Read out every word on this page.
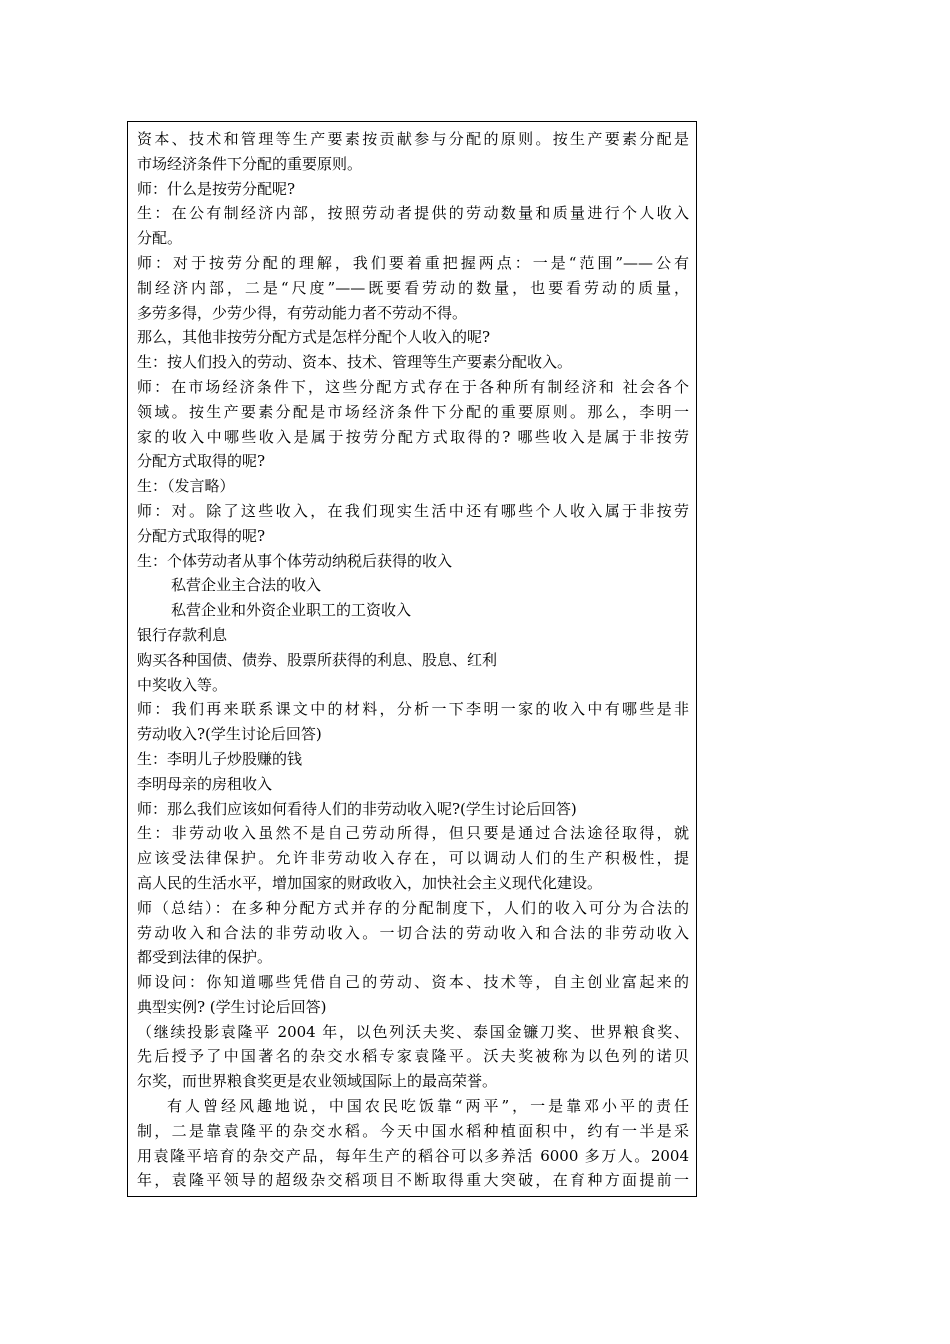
资本、技术和管理等生产要素按贡献参与分配的原则。按生产要素分配是
市场经济条件下分配的重要原则。
师：什么是按劳分配呢?
生：在公有制经济内部，按照劳动者提供的劳动数量和质量进行个人收入
分配。
师：对于按劳分配的理解，我们要着重把握两点：一是“范围”——公有
制经济内部，二是“尺度”——既要看劳动的数量，也要看劳动的质量，
多劳多得，少劳少得，有劳动能力者不劳动不得。
那么，其他非按劳分配方式是怎样分配个人收入的呢?
生：按人们投入的劳动、资本、技术、管理等生产要素分配收入。
师：在市场经济条件下，这些分配方式存在于各种所有制经济和 社会各个
领域。按生产要素分配是市场经济条件下分配的重要原则。那么，李明一
家的收入中哪些收入是属于按劳分配方式取得的? 哪些收入是属于非按劳
分配方式取得的呢?
生：（发言略）
师：对。除了这些收入，在我们现实生活中还有哪些个人收入属于非按劳
分配方式取得的呢?
生：个体劳动者从事个体劳动纳税后获得的收入
私营企业主合法的收入
私营企业和外资企业职工的工资收入
银行存款利息
购买各种国债、债券、股票所获得的利息、股息、红利
中奖收入等。
师：我们再来联系课文中的材料，分析一下李明一家的收入中有哪些是非
劳动收入?(学生讨论后回答)
生：李明儿子炒股赚的钱
李明母亲的房租收入
师：那么我们应该如何看待人们的非劳动收入呢?(学生讨论后回答)
生：非劳动收入虽然不是自己劳动所得，但只要是通过合法途径取得，就
应该受法律保护。允许非劳动收入存在，可以调动人们的生产积极性，提
高人民的生活水平，增加国家的财政收入，加快社会主义现代化建设。
师（总结）：在多种分配方式并存的分配制度下，人们的收入可分为合法的
劳动收入和合法的非劳动收入。一切合法的劳动收入和合法的非劳动收入
都受到法律的保护。
师设问：你知道哪些凭借自己的劳动、资本、技术等，自主创业富起来的
典型实例? (学生讨论后回答)
（继续投影袁隆平 2004 年，以色列沃夫奖、泰国金镰刀奖、世界粮食奖、
先后授予了中国著名的杂交水稻专家袁隆平。沃夫奖被称为以色列的诺贝
尔奖，而世界粮食奖更是农业领域国际上的最高荣誉。
有人曾经风趣地说，中国农民吃饭靠“两平”，一是靠邓小平的责任
制，二是靠袁隆平的杂交水稻。今天中国水稻种植面积中，约有一半是采
用袁隆平培育的杂交产品，每年生产的稻谷可以多养活 6000 多万人。2004
年，袁隆平领导的超级杂交稻项目不断取得重大突破，在育种方面提前一
